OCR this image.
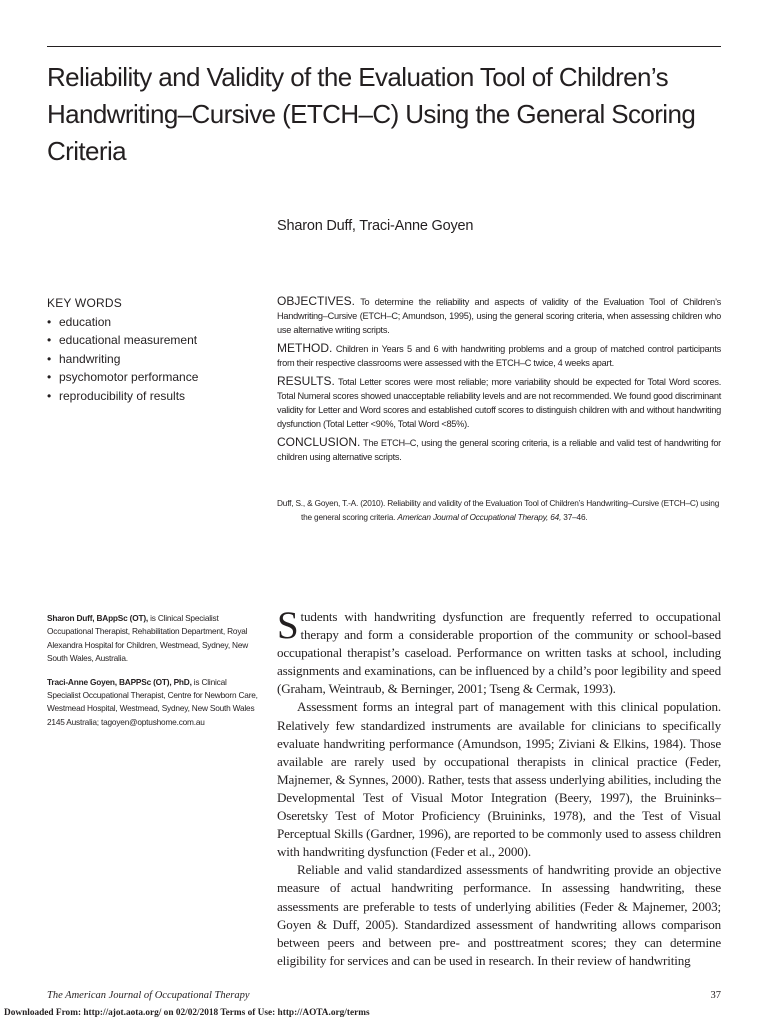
Reliability and Validity of the Evaluation Tool of Children’s
Handwriting–Cursive (ETCH–C) Using the General Scoring
Criteria
Sharon Duff, Traci-Anne Goyen
KEY WORDS
• education
• educational measurement
• handwriting
• psychomotor performance
• reproducibility of results

OBJECTIVES. To determine the reliability and aspects of validity of the Evaluation Tool of Children’s Handwriting–Cursive (ETCH–C; Amundson, 1995), using the general scoring criteria, when assessing children who use alternative writing scripts.

METHOD. Children in Years 5 and 6 with handwriting problems and a group of matched control participants from their respective classrooms were assessed with the ETCH–C twice, 4 weeks apart.

RESULTS. Total Letter scores were most reliable; more variability should be expected for Total Word scores. Total Numeral scores showed unacceptable reliability levels and are not recommended. We found good discriminant validity for Letter and Word scores and established cutoff scores to distinguish children with and without handwriting dysfunction (Total Letter <90%, Total Word <85%).

CONCLUSION. The ETCH–C, using the general scoring criteria, is a reliable and valid test of handwriting for children using alternative scripts.

Duff, S., & Goyen, T.-A. (2010). Reliability and validity of the Evaluation Tool of Children’s Handwriting–Cursive (ETCH–C) using the general scoring criteria. American Journal of Occupational Therapy, 64, 37–46.

Sharon Duff, BAppSc (OT), is Clinical Specialist Occupational Therapist, Rehabilitation Department, Royal Alexandra Hospital for Children, Westmead, Sydney, New South Wales, Australia.

Traci-Anne Goyen, BAPPSc (OT), PhD, is Clinical Specialist Occupational Therapist, Centre for Newborn Care, Westmead Hospital, Westmead, Sydney, New South Wales 2145 Australia; tagoyen@optushome.com.au

Students with handwriting dysfunction are frequently referred to occupational therapy and form a considerable proportion of the community or school-based occupational therapist’s caseload. Performance on written tasks at school, including assignments and examinations, can be influenced by a child’s poor legibility and speed (Graham, Weintraub, & Berninger, 2001; Tseng & Cermak, 1993).

Assessment forms an integral part of management with this clinical population. Relatively few standardized instruments are available for clinicians to specifically evaluate handwriting performance (Amundson, 1995; Ziviani & Elkins, 1984). Those available are rarely used by occupational therapists in clinical practice (Feder, Majnemer, & Synnes, 2000). Rather, tests that assess underlying abilities, including the Developmental Test of Visual Motor Integration (Beery, 1997), the Bruininks–Oseretsky Test of Motor Proficiency (Bruininks, 1978), and the Test of Visual Perceptual Skills (Gardner, 1996), are reported to be commonly used to assess children with handwriting dysfunction (Feder et al., 2000).

Reliable and valid standardized assessments of handwriting provide an objective measure of actual handwriting performance. In assessing handwriting, these assessments are preferable to tests of underlying abilities (Feder & Majnemer, 2003; Goyen & Duff, 2005). Standardized assessment of handwriting allows comparison between peers and between pre- and posttreatment scores; they can determine eligibility for services and can be used in research. In their review of handwriting

The American Journal of Occupational Therapy	37
Downloaded From: http://ajot.aota.org/ on 02/02/2018 Terms of Use: http://AOTA.org/terms
